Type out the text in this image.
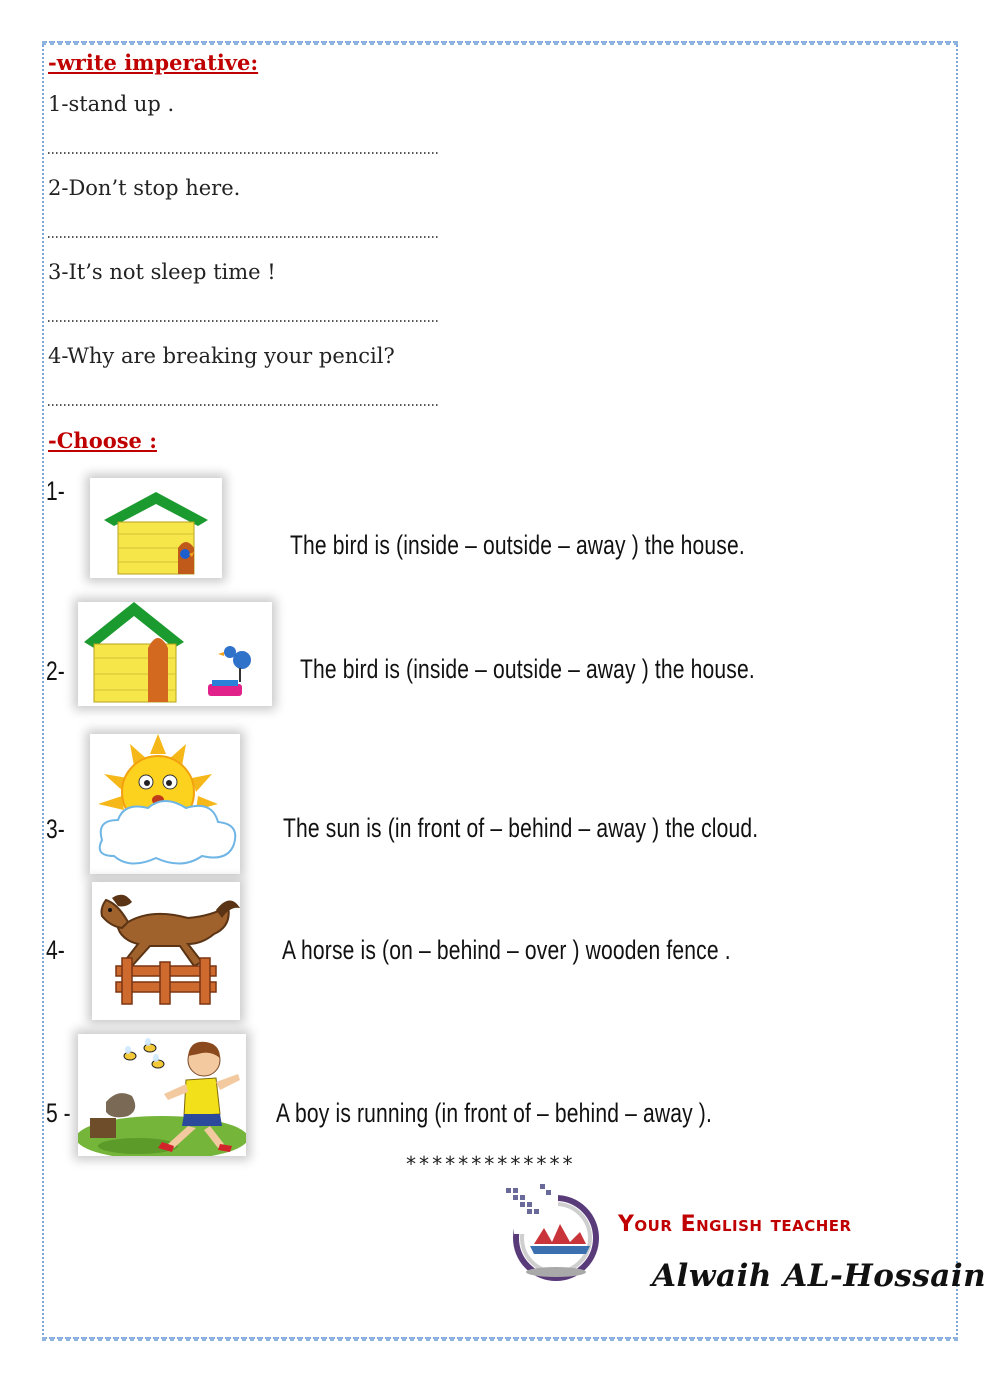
-write imperative:
1-stand up .
2-Don’t stop here.
3-It’s not sleep time !
4-Why are breaking your pencil?
-Choose :
1-
The bird is (inside – outside – away ) the house.
2-	The bird is (inside – outside – away ) the house.
3-	The sun is (in front of – behind – away ) the cloud.
4-	A horse is (on – behind – over ) wooden fence .
5 -	A boy is running (in front of – behind – away ).
*************
Your English teacher
Alwaih AL-Hossain
